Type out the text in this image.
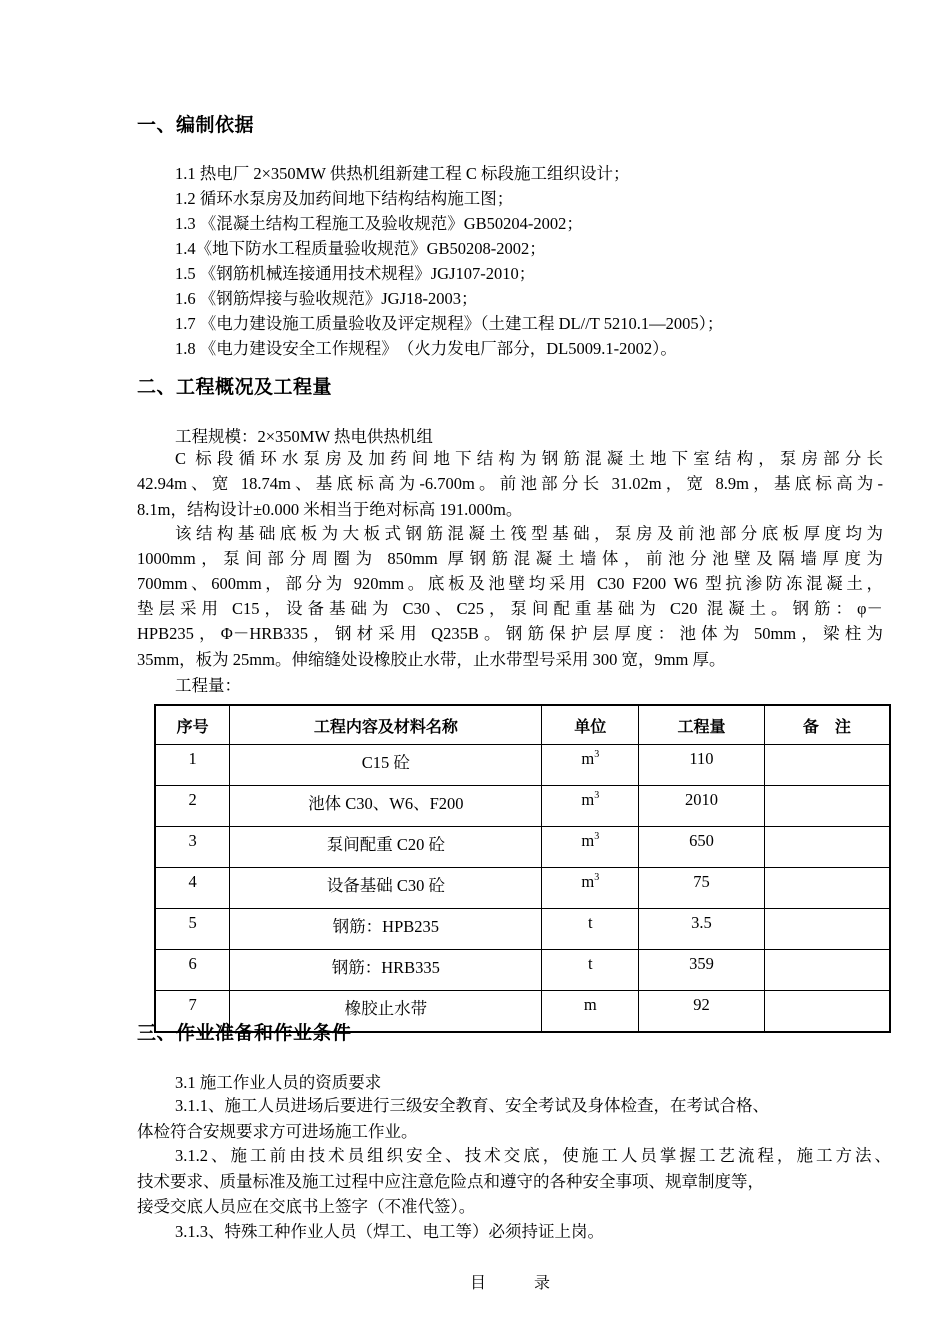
一、编制依据
1.1 热电厂 2×350MW 供热机组新建工程 C 标段施工组织设计；
1.2 循环水泵房及加药间地下结构结构施工图；
1.3 《混凝土结构工程施工及验收规范》GB50204-2002；
1.4《地下防水工程质量验收规范》GB50208-2002；
1.5 《钢筋机械连接通用技术规程》JGJ107-2010；
1.6 《钢筋焊接与验收规范》JGJ18-2003；
1.7 《电力建设施工质量验收及评定规程》（土建工程 DL//T 5210.1—2005）；
1.8 《电力建设安全工作规程》　（火力发电厂部分，DL5009.1-2002）。
二、工程概况及工程量
工程规模：2×350MW 热电供热机组
C 标段循环水泵房及加药间地下结构为钢筋混凝土地下室结构，泵房部分长
42.94m、宽 18.74m、基底标高为-6.700m。前池部分长 31.02m，宽 8.9m，基底标高为-
8.1m，结构设计±0.000 米相当于绝对标高 191.000m。
该结构基础底板为大板式钢筋混凝土筏型基础，泵房及前池部分底板厚度均为
1000mm，泵间部分周圈为 850mm 厚钢筋混凝土墙体，前池分池壁及隔墙厚度为
700mm、600mm，部分为 920mm。底板及池壁均采用 C30 F200 W6 型抗渗防冻混凝土，
垫层采用 C15，设备基础为 C30、C25，泵间配重基础为 C20 混凝土。钢筋：φ－
HPB235，Φ－HRB335，钢材采用 Q235B。钢筋保护层厚度：池体为 50mm，梁柱为
35mm，板为 25mm。伸缩缝处设橡胶止水带，止水带型号采用 300 宽，9mm 厚。
工程量：
序号	工程内容及材料名称	单位	工程量	备　注
1	C15 砼	$m^3$	110	
2	池体 C30、W6、F200	$m^3$	2010	
3	泵间配重 C20 砼	$m^3$	650	
4	设备基础 C30 砼	$m^3$	75	
5	钢筋：HPB235	t	3.5	
6	钢筋：HRB335	t	359	
7	橡胶止水带	m	92	
三、作业准备和作业条件
3.1 施工作业人员的资质要求
3.1.1、施工人员进场后要进行三级安全教育、安全考试及身体检查，在考试合格、
体检符合安规要求方可进场施工作业。
3.1.2、施工前由技术员组织安全、技术交底，使施工人员掌握工艺流程，施工方法、
技术要求、质量标准及施工过程中应注意危险点和遵守的各种安全事项、规章制度等，
接受交底人员应在交底书上签字（不准代签）。
3.1.3、特殊工种作业人员（焊工、电工等）必须持证上岗。
目	录
